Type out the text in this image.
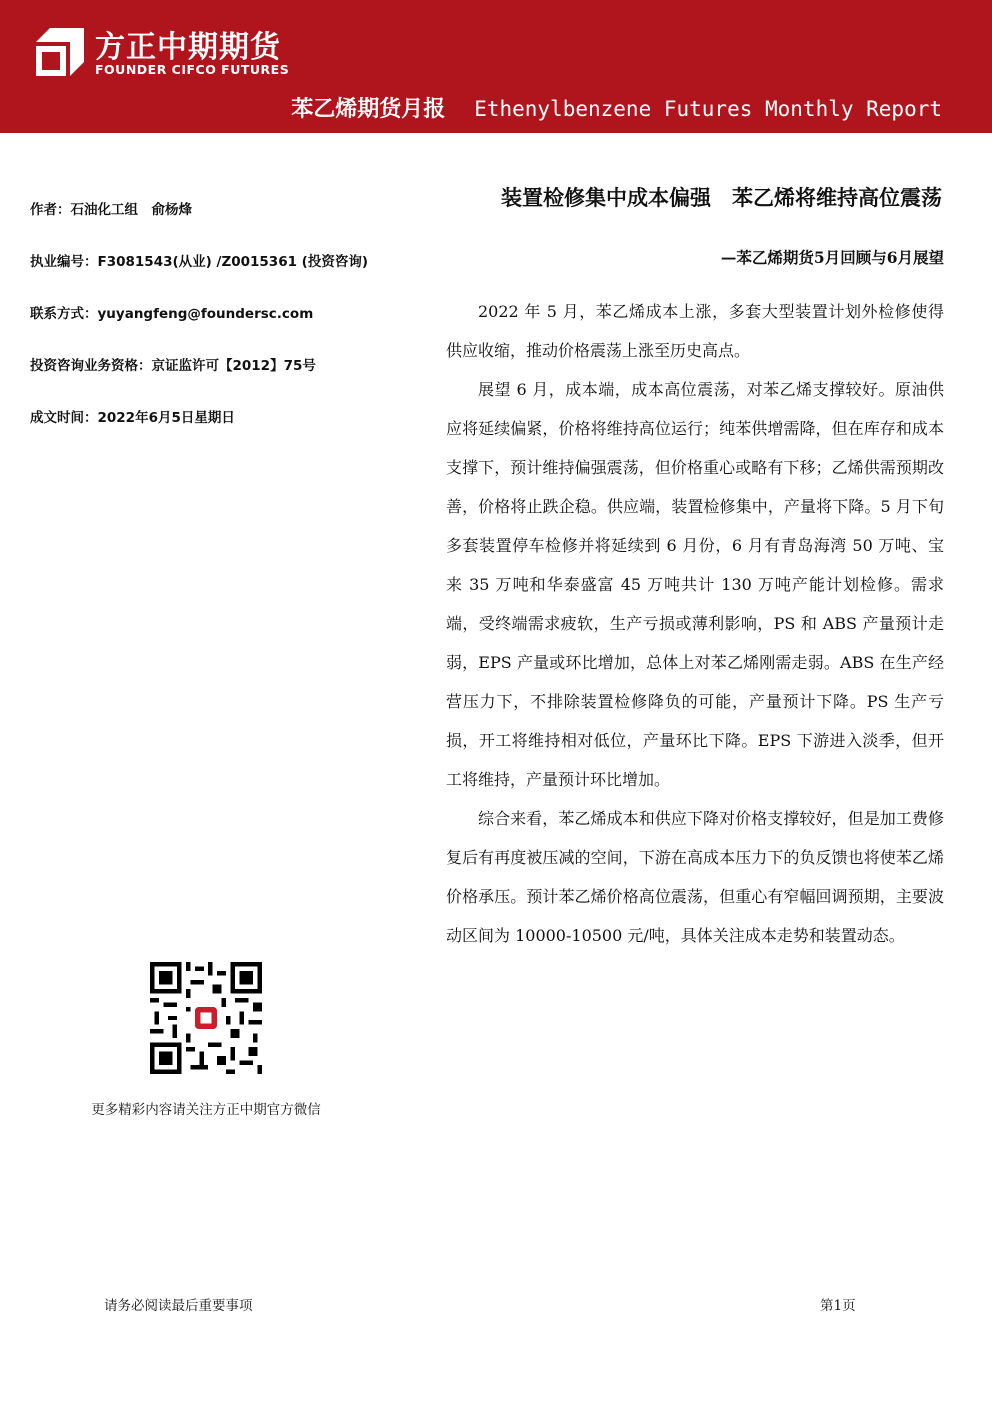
方正中期期货
FOUNDER CIFCO FUTURES
苯乙烯期货月报 Ethenylbenzene Futures Monthly Report
作者：石油化工组　俞杨烽
执业编号：F3081543(从业) /Z0015361 (投资咨询)
联系方式：yuyangfeng@foundersc.com
投资咨询业务资格：京证监许可【2012】75号
成文时间：2022年6月5日星期日
装置检修集中成本偏强　苯乙烯将维持高位震荡
—苯乙烯期货5月回顾与6月展望

2022 年 5 月，苯乙烯成本上涨，多套大型装置计划外检修使得供应收缩，推动价格震荡上涨至历史高点。

展望 6 月，成本端，成本高位震荡，对苯乙烯支撑较好。原油供应将延续偏紧，价格将维持高位运行；纯苯供增需降，但在库存和成本支撑下，预计维持偏强震荡，但价格重心或略有下移；乙烯供需预期改善，价格将止跌企稳。供应端，装置检修集中，产量将下降。5 月下旬多套装置停车检修并将延续到 6 月份，6 月有青岛海湾 50 万吨、宝来 35 万吨和华泰盛富 45 万吨共计 130 万吨产能计划检修。需求端，受终端需求疲软，生产亏损或薄利影响，PS 和 ABS 产量预计走弱，EPS 产量或环比增加，总体上对苯乙烯刚需走弱。ABS 在生产经营压力下，不排除装置检修降负的可能，产量预计下降。PS 生产亏损，开工将维持相对低位，产量环比下降。EPS 下游进入淡季，但开工将维持，产量预计环比增加。

综合来看，苯乙烯成本和供应下降对价格支撑较好，但是加工费修复后有再度被压减的空间，下游在高成本压力下的负反馈也将使苯乙烯价格承压。预计苯乙烯价格高位震荡，但重心有窄幅回调预期，主要波动区间为 10000-10500 元/吨，具体关注成本走势和装置动态。

更多精彩内容请关注方正中期官方微信
请务必阅读最后重要事项	第1页
